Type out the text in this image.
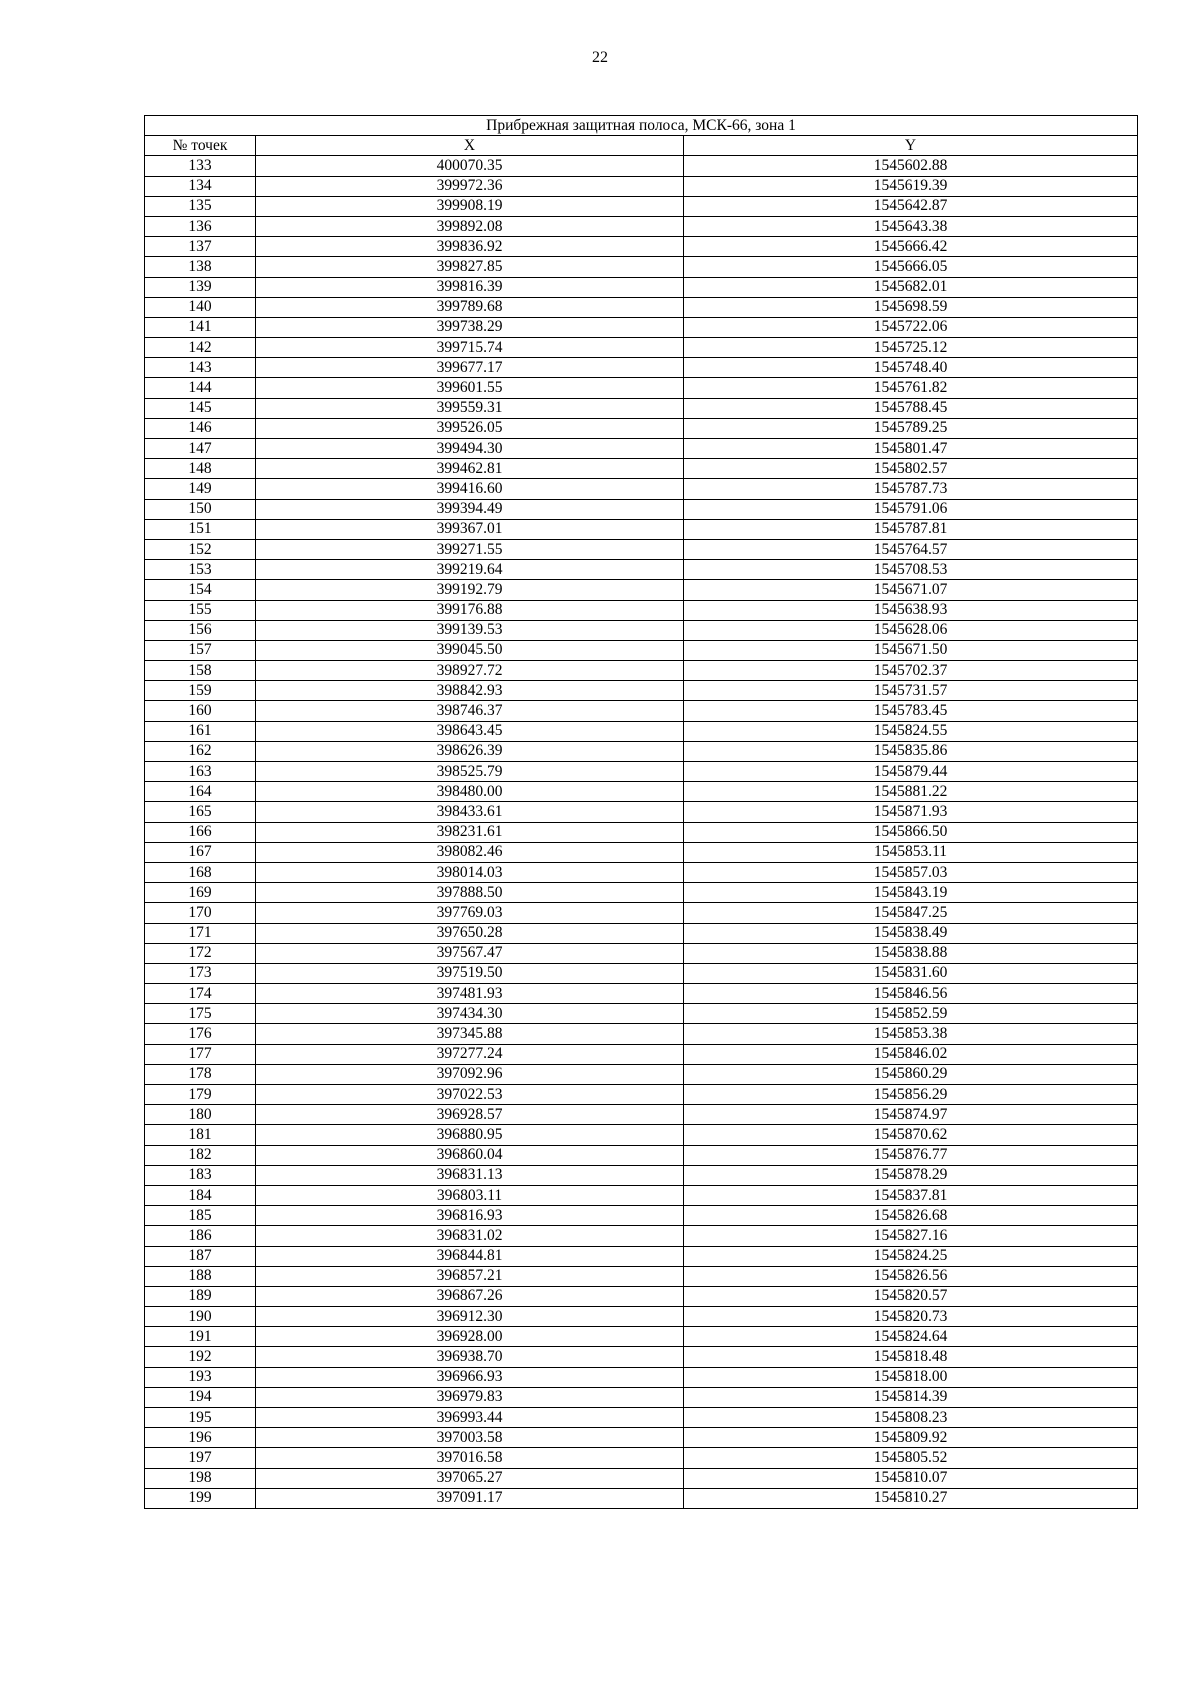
22
Прибрежная защитная полоса, МСК-66, зона 1		
№ точек	X	Y
133	400070.35	1545602.88
134	399972.36	1545619.39
135	399908.19	1545642.87
136	399892.08	1545643.38
137	399836.92	1545666.42
138	399827.85	1545666.05
139	399816.39	1545682.01
140	399789.68	1545698.59
141	399738.29	1545722.06
142	399715.74	1545725.12
143	399677.17	1545748.40
144	399601.55	1545761.82
145	399559.31	1545788.45
146	399526.05	1545789.25
147	399494.30	1545801.47
148	399462.81	1545802.57
149	399416.60	1545787.73
150	399394.49	1545791.06
151	399367.01	1545787.81
152	399271.55	1545764.57
153	399219.64	1545708.53
154	399192.79	1545671.07
155	399176.88	1545638.93
156	399139.53	1545628.06
157	399045.50	1545671.50
158	398927.72	1545702.37
159	398842.93	1545731.57
160	398746.37	1545783.45
161	398643.45	1545824.55
162	398626.39	1545835.86
163	398525.79	1545879.44
164	398480.00	1545881.22
165	398433.61	1545871.93
166	398231.61	1545866.50
167	398082.46	1545853.11
168	398014.03	1545857.03
169	397888.50	1545843.19
170	397769.03	1545847.25
171	397650.28	1545838.49
172	397567.47	1545838.88
173	397519.50	1545831.60
174	397481.93	1545846.56
175	397434.30	1545852.59
176	397345.88	1545853.38
177	397277.24	1545846.02
178	397092.96	1545860.29
179	397022.53	1545856.29
180	396928.57	1545874.97
181	396880.95	1545870.62
182	396860.04	1545876.77
183	396831.13	1545878.29
184	396803.11	1545837.81
185	396816.93	1545826.68
186	396831.02	1545827.16
187	396844.81	1545824.25
188	396857.21	1545826.56
189	396867.26	1545820.57
190	396912.30	1545820.73
191	396928.00	1545824.64
192	396938.70	1545818.48
193	396966.93	1545818.00
194	396979.83	1545814.39
195	396993.44	1545808.23
196	397003.58	1545809.92
197	397016.58	1545805.52
198	397065.27	1545810.07
199	397091.17	1545810.27
